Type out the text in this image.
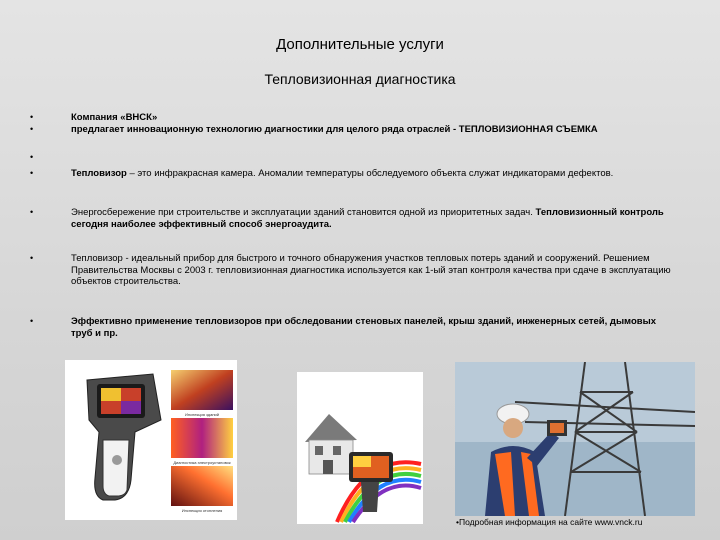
Дополнительные услуги
Тепловизионная диагностика
•	Компания «ВНСК»
•	предлагает инновационную технологию диагностики для целого ряда отраслей - ТЕПЛОВИЗИОННАЯ СЪЕМКА
•
•	Тепловизор – это инфракрасная камера. Аномалии температуры обследуемого объекта служат индикаторами дефектов.
•	Энергосбережение при строительстве и эксплуатации зданий становится одной из приоритетных задач. Тепловизионный контроль сегодня наиболее эффективный способ энергоаудита.
•	Тепловизор - идеальный прибор для быстрого и точного обнаружения участков тепловых потерь зданий и сооружений. Решением Правительства Москвы с 2003 г. тепловизионная диагностика используется как 1-ый этап контроля качества при сдаче в эксплуатацию объектов строительства.
•	Эффективно применение тепловизоров при обследовании стеновых панелей, крыш зданий, инженерных сетей, дымовых труб и пр.
Инспекция зданий
Диагностика электроустановок
Инспекция отопления
•Подробная информация на сайте www.vnck.ru
